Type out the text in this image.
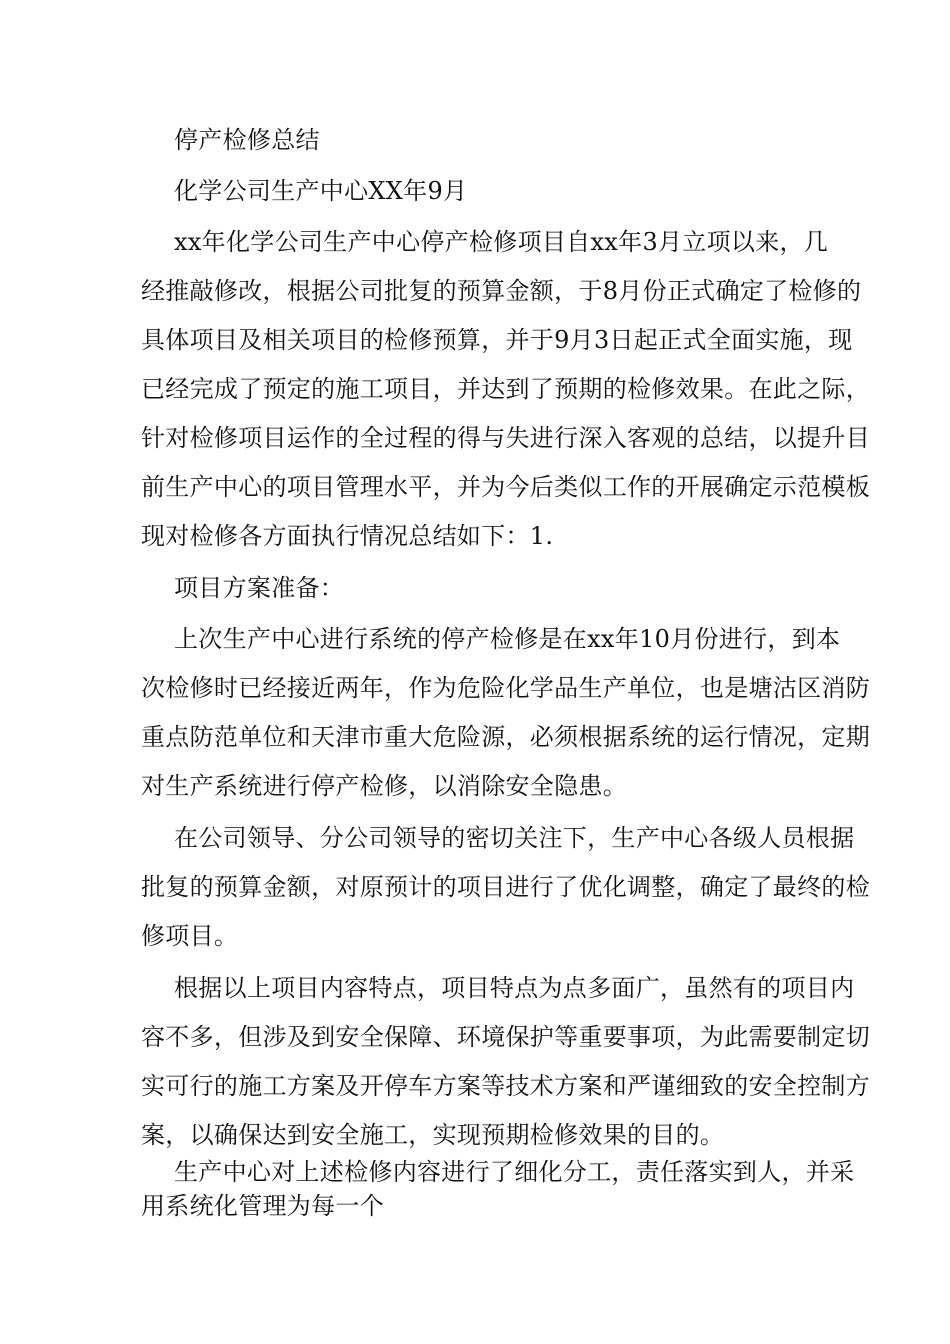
停产检修总结
化学公司生产中心XX年9月
xx年化学公司生产中心停产检修项目自xx年3月立项以来，几
经推敲修改，根据公司批复的预算金额，于8月份正式确定了检修的
具体项目及相关项目的检修预算，并于9月3日起正式全面实施，现
已经完成了预定的施工项目，并达到了预期的检修效果。在此之际，
针对检修项目运作的全过程的得与失进行深入客观的总结，以提升目
前生产中心的项目管理水平，并为今后类似工作的开展确定示范模板
现对检修各方面执行情况总结如下：1.
项目方案准备：
上次生产中心进行系统的停产检修是在xx年10月份进行，到本
次检修时已经接近两年，作为危险化学品生产单位，也是塘沽区消防
重点防范单位和天津市重大危险源，必须根据系统的运行情况，定期
对生产系统进行停产检修，以消除安全隐患。
在公司领导、分公司领导的密切关注下，生产中心各级人员根据
批复的预算金额，对原预计的项目进行了优化调整，确定了最终的检
修项目。
根据以上项目内容特点，项目特点为点多面广，虽然有的项目内
容不多，但涉及到安全保障、环境保护等重要事项，为此需要制定切
实可行的施工方案及开停车方案等技术方案和严谨细致的安全控制方
案，以确保达到安全施工，实现预期检修效果的目的。
生产中心对上述检修内容进行了细化分工，责任落实到人，并采
用系统化管理为每一个
